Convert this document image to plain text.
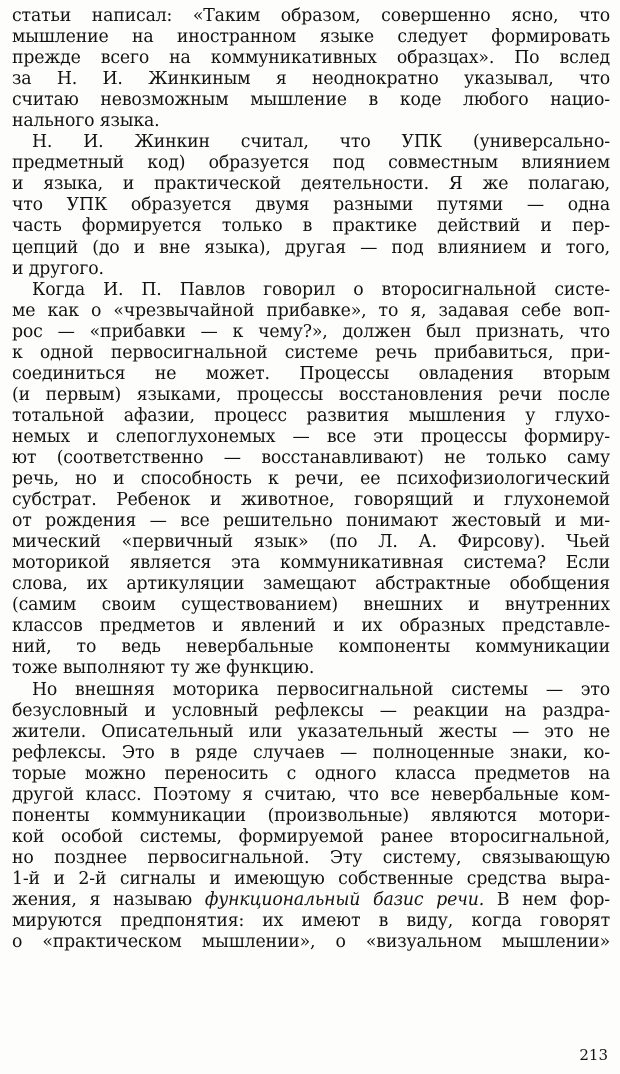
статьи написал: «Таким образом, совершенно ясно, что
мышление на иностранном языке следует формировать
прежде всего на коммуникативных образцах». По вслед
за Н. И. Жинкиным я неоднократно указывал, что
считаю невозможным мышление в коде любого нацио-
нального языка.
Н. И. Жинкин считал, что УПК (универсально-
предметный код) образуется под совместным влиянием
и языка, и практической деятельности. Я же полагаю,
что УПК образуется двумя разными путями — одна
часть формируется только в практике действий и пер-
цепций (до и вне языка), другая — под влиянием и того,
и другого.
Когда И. П. Павлов говорил о второсигнальной систе-
ме как о «чрезвычайной прибавке», то я, задавая себе воп-
рос — «прибавки — к чему?», должен был признать, что
к одной первосигнальной системе речь прибавиться, при-
соединиться не может. Процессы овладения вторым
(и первым) языками, процессы восстановления речи после
тотальной афазии, процесс развития мышления у глухо-
немых и слепоглухонемых — все эти процессы формиру-
ют (соответственно — восстанавливают) не только саму
речь, но и способность к речи, ее психофизиологический
субстрат. Ребенок и животное, говорящий и глухонемой
от рождения — все решительно понимают жестовый и ми-
мический «первичный язык» (по Л. А. Фирсову). Чьей
моторикой является эта коммуникативная система? Если
слова, их артикуляции замещают абстрактные обобщения
(самим своим существованием) внешних и внутренних
классов предметов и явлений и их образных представле-
ний, то ведь невербальные компоненты коммуникации
тоже выполняют ту же функцию.
Но внешняя моторика первосигнальной системы — это
безусловный и условный рефлексы — реакции на раздра-
жители. Описательный или указательный жесты — это не
рефлексы. Это в ряде случаев — полноценные знаки, ко-
торые можно переносить с одного класса предметов на
другой класс. Поэтому я считаю, что все невербальные ком-
поненты коммуникации (произвольные) являются мотори-
кой особой системы, формируемой ранее второсигнальной,
но позднее первосигнальной. Эту систему, связывающую
1-й и 2-й сигналы и имеющую собственные средства выра-
жения, я называю функциональный базис речи. В нем фор-
мируются предпонятия: их имеют в виду, когда говорят
о «практическом мышлении», о «визуальном мышлении»
213
